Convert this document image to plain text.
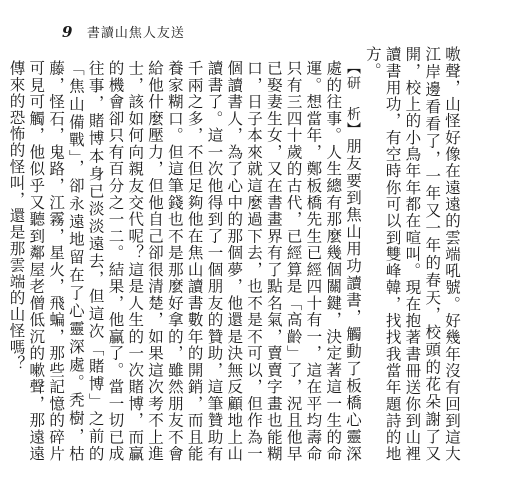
9 書讀山焦人友送

嗷聲，山怪好像在遠遠的雲端吼號。好幾年沒有回到這大江岸邊看看了，一年又一年的春天，校頭的花朵謝了又開，校上的小鳥年年都在喧叫。現在抱著書冊送你到山裡讀書用功，有空時你可以到雙峰韓，找找我當年題詩的地方。

【研　析】朋友要到焦山用功讀書，觸動了板橋心靈深處的往事。人生總有那麼幾個關鍵，決定著這一生的命運。想當年，鄭板橋先生已經四十有一，這在平均壽命只有三四十歲的古代，已經算是「高齡」了，況且他早已娶妻生女，又在書畫界有了點名氣，賣賣字畫也能糊口，日子本來就這麼過下去，也不是不可以，但作為一個讀書人，為了心中的那個夢，他還是決無反顧地上山讀書了。這一次他得到了一個朋友的贊助，這筆贊助有千兩之多，不但足夠他在焦山讀書數年的開銷，而且能養家糊口。但這筆錢也不是那麼好拿的，雖然朋友不會給他什麼壓力，但他自己卻很清楚，如果這次考不上進士，該如何向親友交代呢？這是人生的一次賭博，而贏的機會卻只有百分之一二。結果，他贏了。當一切已成往事，賭博本身已淡淡遠去，但這次「賭博」之前的「焦山備戰」，卻永遠地留在了心靈深處。秃樹，枯藤，怪石，鬼路，江霧，星火，飛蝙，那些記憶的碎片可見可觸，他似乎又聽到鄰屋老僧低沉的嗽聲，那遠遠傳來的恐怖的怪叫，還是那雲端的山怪嗎？
